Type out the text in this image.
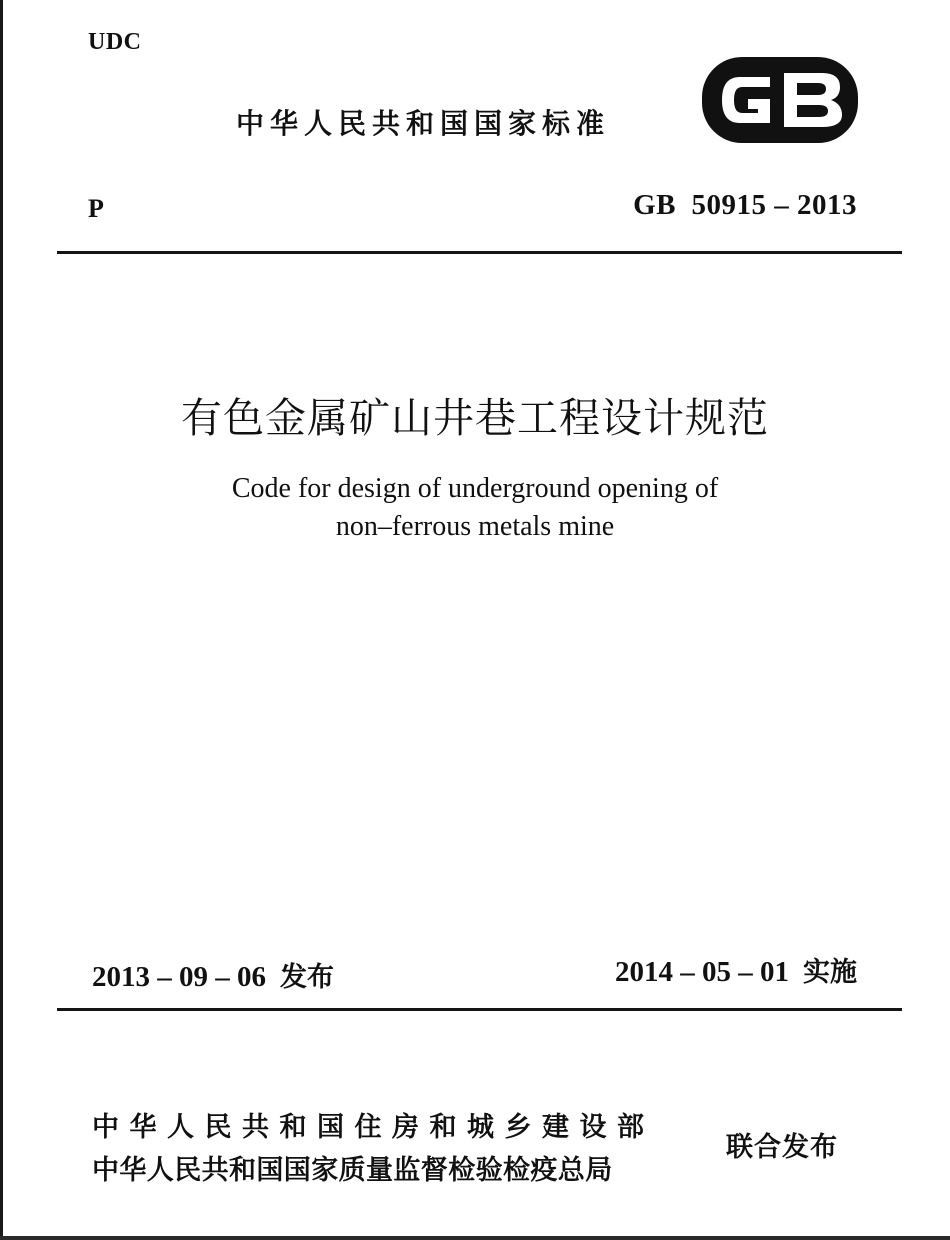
UDC
中华人民共和国国家标准
P	GB  50915 – 2013
有色金属矿山井巷工程设计规范
Code for design of underground opening of
non–ferrous metals mine
2013 – 09 – 06 发布	2014 – 05 – 01 实施
中华人民共和国住房和城乡建设部
中华人民共和国国家质量监督检验检疫总局
联合发布
